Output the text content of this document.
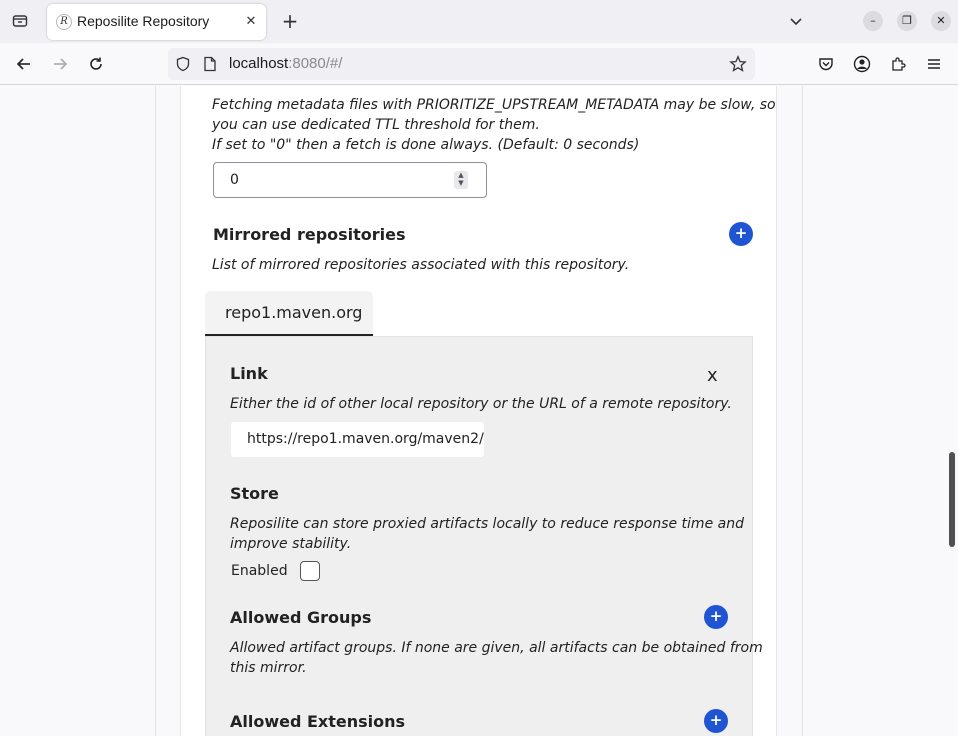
R Reposilite Repository	✕ +	–	❐	✕
localhost:8080/#/
Fetching metadata files with PRIORITIZE_UPSTREAM_METADATA may be slow, so
you can use dedicated TTL threshold for them.
If set to "0" then a fetch is done always. (Default: 0 seconds)
0	▲
▼
Mirrored repositories	+
List of mirrored repositories associated with this repository.
repo1.maven.org
x
Link
Either the id of other local repository or the URL of a remote repository.
https://repo1.maven.org/maven2/
Store
Reposilite can store proxied artifacts locally to reduce response time and
improve stability.
Enabled
Allowed Groups	+
Allowed artifact groups. If none are given, all artifacts can be obtained from
this mirror.
Allowed Extensions	+
